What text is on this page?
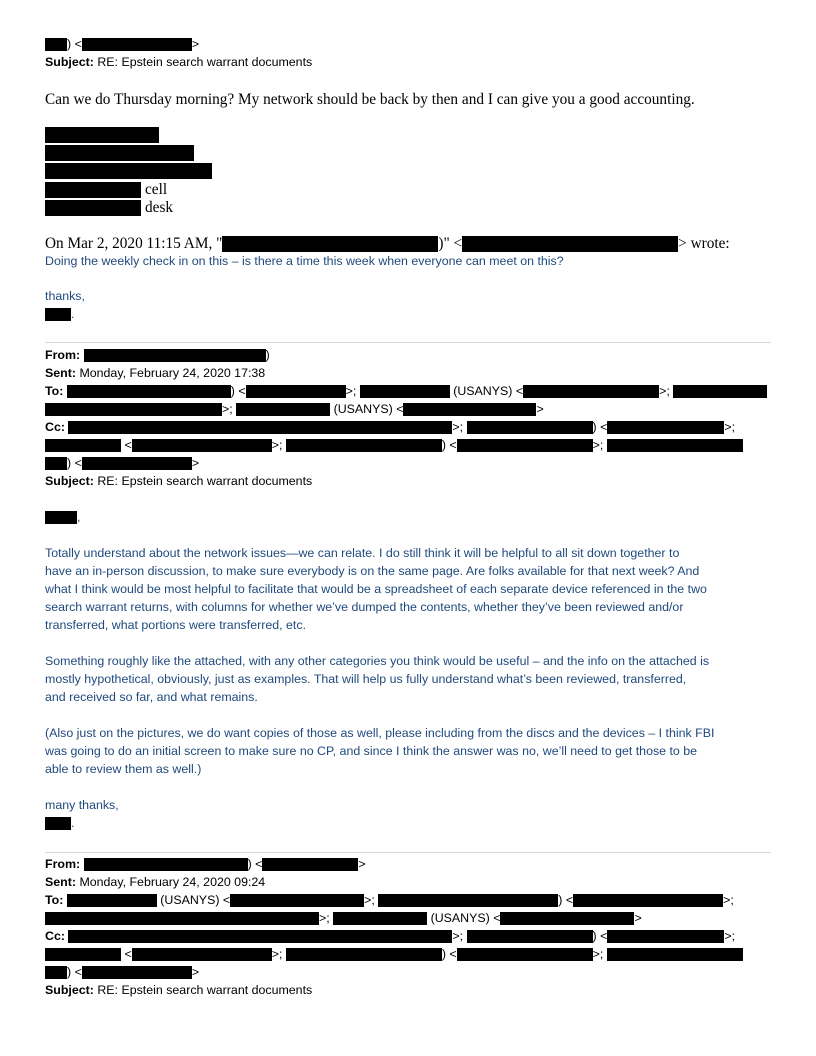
) <	>
Subject: RE: Epstein search warrant documents
Can we do Thursday morning? My network should be back by then and I can give you a good accounting.
cell
desk
On Mar 2, 2020 11:15 AM, "	)" <	> wrote:
Doing the weekly check in on this – is there a time this week when everyone can meet on this?
thanks,
.
From:	)
Sent: Monday, February 24, 2020 17:38
To:	) <	>;	(USANYS) <	>;
>;	(USANYS) <	>
Cc:	>;	) <	>;
<	>;	) <	>;
) <	>
Subject: RE: Epstein search warrant documents
,
Totally understand about the network issues—we can relate. I do still think it will be helpful to all sit down together to
have an in-person discussion, to make sure everybody is on the same page. Are folks available for that next week? And
what I think would be most helpful to facilitate that would be a spreadsheet of each separate device referenced in the two
search warrant returns, with columns for whether we’ve dumped the contents, whether they’ve been reviewed and/or
transferred, what portions were transferred, etc.
Something roughly like the attached, with any other categories you think would be useful – and the info on the attached is
mostly hypothetical, obviously, just as examples. That will help us fully understand what’s been reviewed, transferred,
and received so far, and what remains.
(Also just on the pictures, we do want copies of those as well, please including from the discs and the devices – I think FBI
was going to do an initial screen to make sure no CP, and since I think the answer was no, we’ll need to get those to be
able to review them as well.)
many thanks,
.
From:	) <	>
Sent: Monday, February 24, 2020 09:24
To:	(USANYS) <	>;	) <	>;
>;	(USANYS) <	>
Cc:	>;	) <	>;
<	>;	) <	>;
) <	>
Subject: RE: Epstein search warrant documents
